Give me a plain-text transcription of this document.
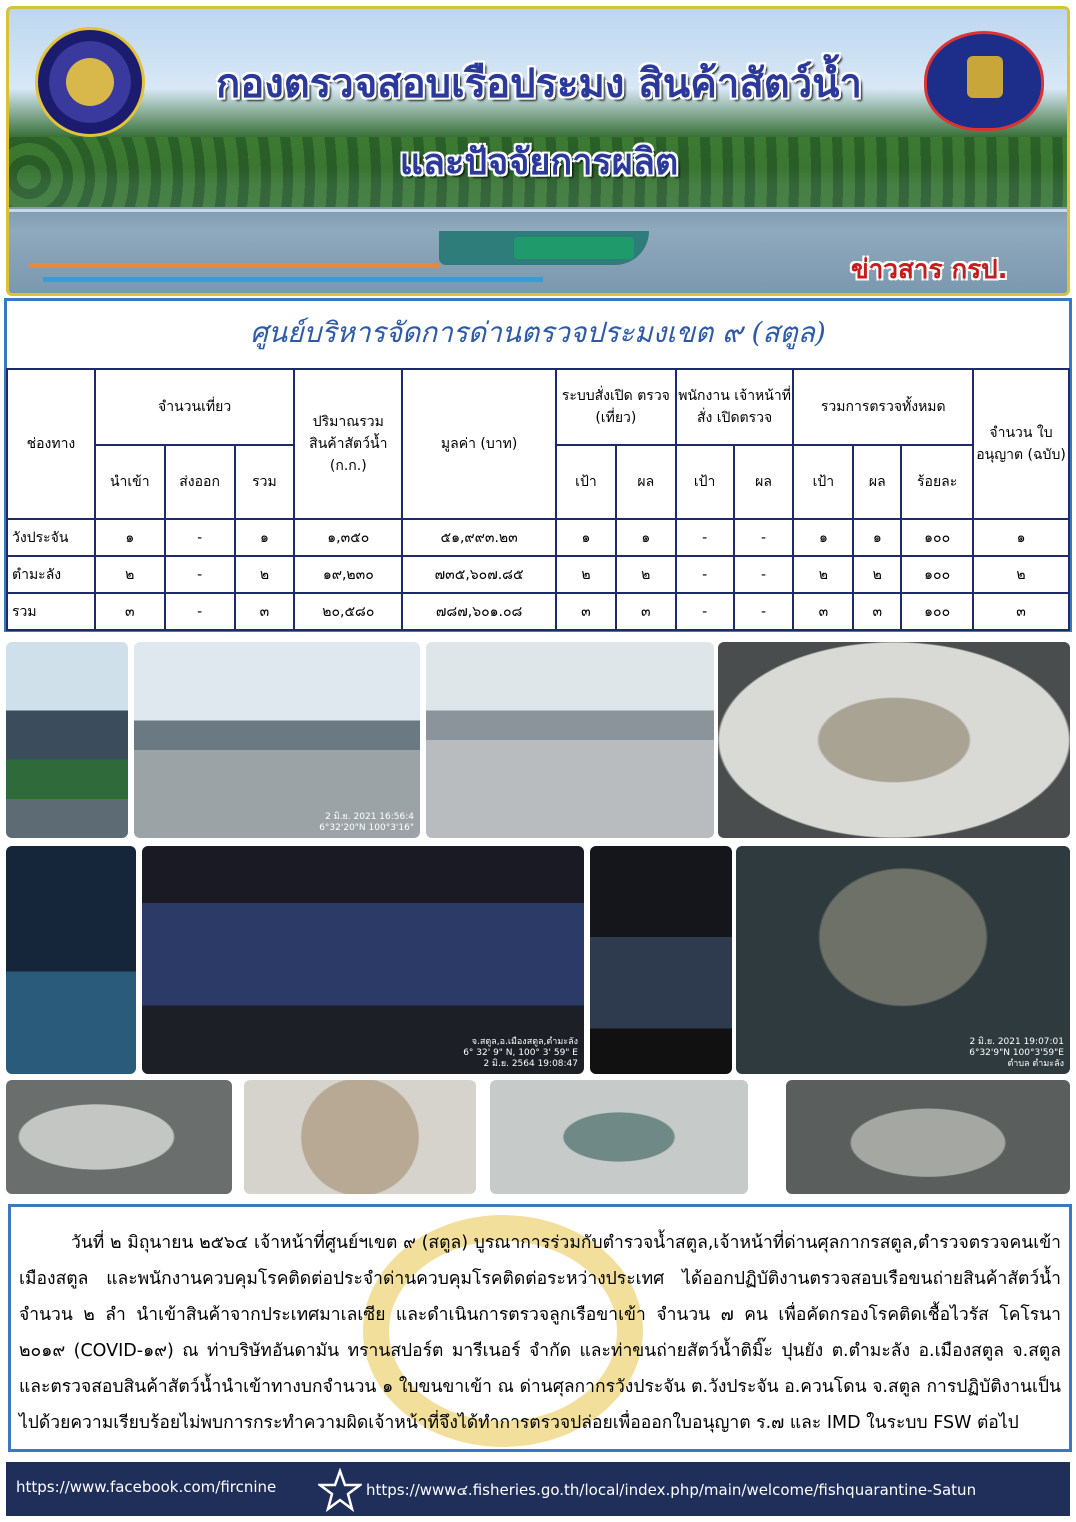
กองตรวจสอบเรือประมง สินค้าสัตว์น้ำ
และปัจจัยการผลิต
ข่าวสาร กรป.
ศูนย์บริหารจัดการด่านตรวจประมงเขต ๙ (สตูล)
ช่องทาง	จำนวนเที่ยว			ปริมาณรวม สินค้าสัตว์น้ำ (ก.ก.)	มูลค่า (บาท)	ระบบสั่งเปิด ตรวจ (เที่ยว)		พนักงาน เจ้าหน้าที่สั่ง เปิดตรวจ		รวมการตรวจทั้งหมด			จำนวน ใบอนุญาต (ฉบับ)
	นำเข้า	ส่งออก	รวม			เป้า	ผล	เป้า	ผล	เป้า	ผล	ร้อยละ	
วังประจัน	๑	-	๑	๑,๓๕๐	๕๑,๙๙๓.๒๓	๑	๑	-	-	๑	๑	๑๐๐	๑
ตำมะลัง	๒	-	๒	๑๙,๒๓๐	๗๓๕,๖๐๗.๘๕	๒	๒	-	-	๒	๒	๑๐๐	๒
รวม	๓	-	๓	๒๐,๕๘๐	๗๘๗,๖๐๑.๐๘	๓	๓	-	-	๓	๓	๑๐๐	๓
2 มิ.ย. 2021 16:56:4
6°32'20"N 100°3'16"
จ.สตูล,อ.เมืองสตูล,ตำมะลัง
6° 32' 9" N, 100° 3' 59" E
2 มิ.ย. 2564 19:08:47
2 มิ.ย. 2021 19:07:01
6°32'9"N 100°3'59"E
ตำบล ตำมะลัง
วันที่ ๒ มิถุนายน ๒๕๖๔ เจ้าหน้าที่ศูนย์ฯเขต ๙ (สตูล) บูรณาการร่วมกับตำรวจน้ำสตูล,เจ้าหน้าที่ด่านศุลกากรสตูล,ตำรวจตรวจคนเข้าเมืองสตูล และพนักงานควบคุมโรคติดต่อประจำด่านควบคุมโรคติดต่อระหว่างประเทศ ได้ออกปฏิบัติงานตรวจสอบเรือขนถ่ายสินค้าสัตว์น้ำ จำนวน ๒ ลำ นำเข้าสินค้าจากประเทศมาเลเซีย และดำเนินการตรวจลูกเรือขาเข้า จำนวน ๗ คน เพื่อคัดกรองโรคติดเชื้อไวรัส โคโรนา ๒๐๑๙ (COVID-๑๙) ณ ท่าบริษัทอันดามัน ทรานสปอร์ต มารีเนอร์ จำกัด และท่าขนถ่ายสัตว์น้ำติมิ๊ะ ปุนยัง ต.ตำมะลัง อ.เมืองสตูล จ.สตูล และตรวจสอบสินค้าสัตว์น้ำนำเข้าทางบกจำนวน ๑ ใบขนขาเข้า ณ ด่านศุลกากรวังประจัน ต.วังประจัน อ.ควนโดน จ.สตูล การปฏิบัติงานเป็นไปด้วยความเรียบร้อยไม่พบการกระทำความผิดเจ้าหน้าที่จึงได้ทำการตรวจปล่อยเพื่อออกใบอนุญาต ร.๗ และ IMD ในระบบ FSW ต่อไป
https://www.facebook.com/fircnine	https://www๔.fisheries.go.th/local/index.php/main/welcome/fishquarantine-Satun
